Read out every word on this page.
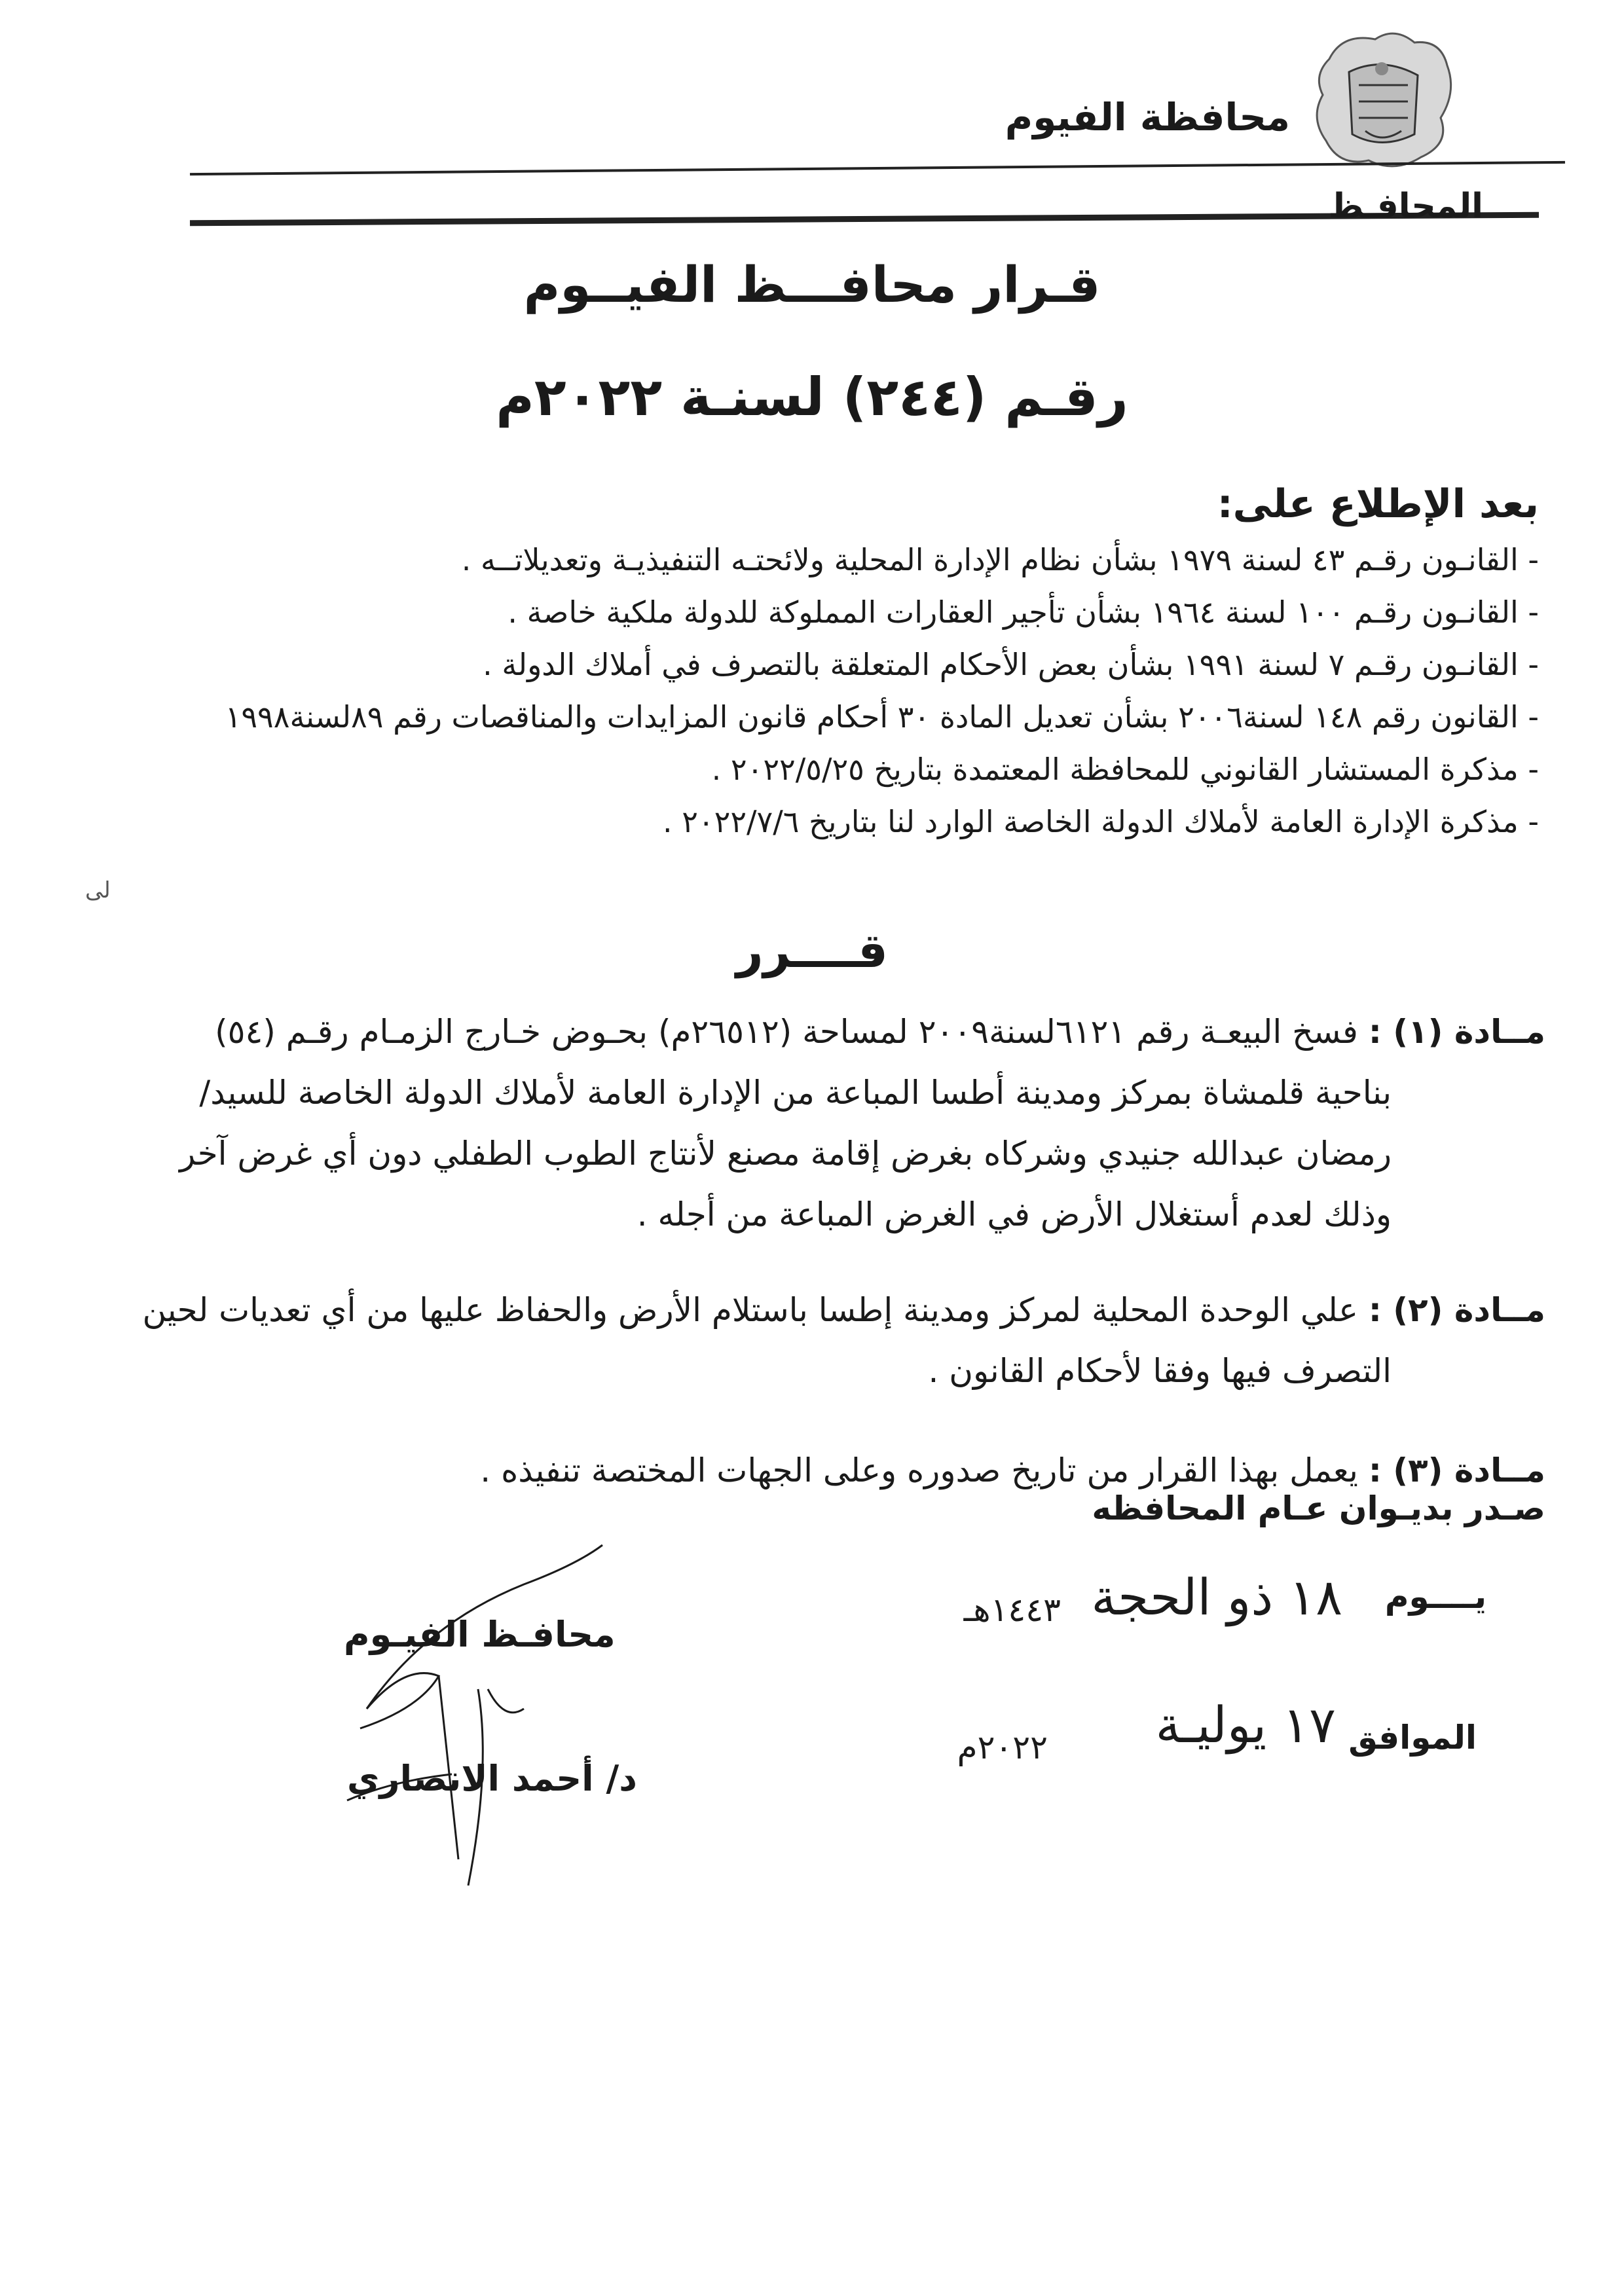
محافظة الفيوم
المحافـظ
قـرار محافـــظ الفيــوم
رقـم (٢٤٤) لسنـة ٢٠٢٢م
بعد الإطلاع على:

- القانـون رقـم ٤٣ لسنة ١٩٧٩ بشأن نظام الإدارة المحلية ولائحتـه التنفيذيـة وتعديلاتــه .

- القانـون رقـم ١٠٠ لسنة ١٩٦٤ بشأن تأجير العقارات المملوكة للدولة ملكية خاصة .

- القانـون رقـم ٧ لسنة ١٩٩١ بشأن بعض الأحكام المتعلقة بالتصرف في أملاك الدولة .

- القانون رقم ١٤٨ لسنة٢٠٠٦ بشأن تعديل المادة ٣٠ أحكام قانون المزايدات والمناقصات رقم ٨٩لسنة١٩٩٨

- مذكرة المستشار القانوني للمحافظة المعتمدة بتاريخ ٢٠٢٢/٥/٢٥ .

- مذكرة الإدارة العامة لأملاك الدولة الخاصة الوارد لنا بتاريخ ٢٠٢٢/٧/٦ .

لى
قــــرر

مــادة (١) : فسخ البيعـة رقم ٦١٢١لسنة٢٠٠٩ لمساحة (٢٦٥١٢م) بحـوض خـارج الزمـام رقـم (٥٤)

بناحية قلمشاة بمركز ومدينة أطسا المباعة من الإدارة العامة لأملاك الدولة الخاصة للسيد/

رمضان عبدالله جنيدي وشركاه بغرض إقامة مصنع لأنتاج الطوب الطفلي دون أي غرض آخر

وذلك لعدم أستغلال الأرض في الغرض المباعة من أجله .

مــادة (٢) : علي الوحدة المحلية لمركز ومدينة إطسا باستلام الأرض والحفاظ عليها من أي تعديات لحين

التصرف فيها وفقا لأحكام القانون .

مــادة (٣) : يعمل بهذا القرار من تاريخ صدوره وعلى الجهات المختصة تنفيذه .

صـدر بديـوان عـام المحافظه
يــــوم
١٨ ذو الحجة
١٤٤٣هـ
الموافق
١٧ يوليـة
٢٠٢٢م
محافـظ الفيـوم
د/ أحمد الانصاري
